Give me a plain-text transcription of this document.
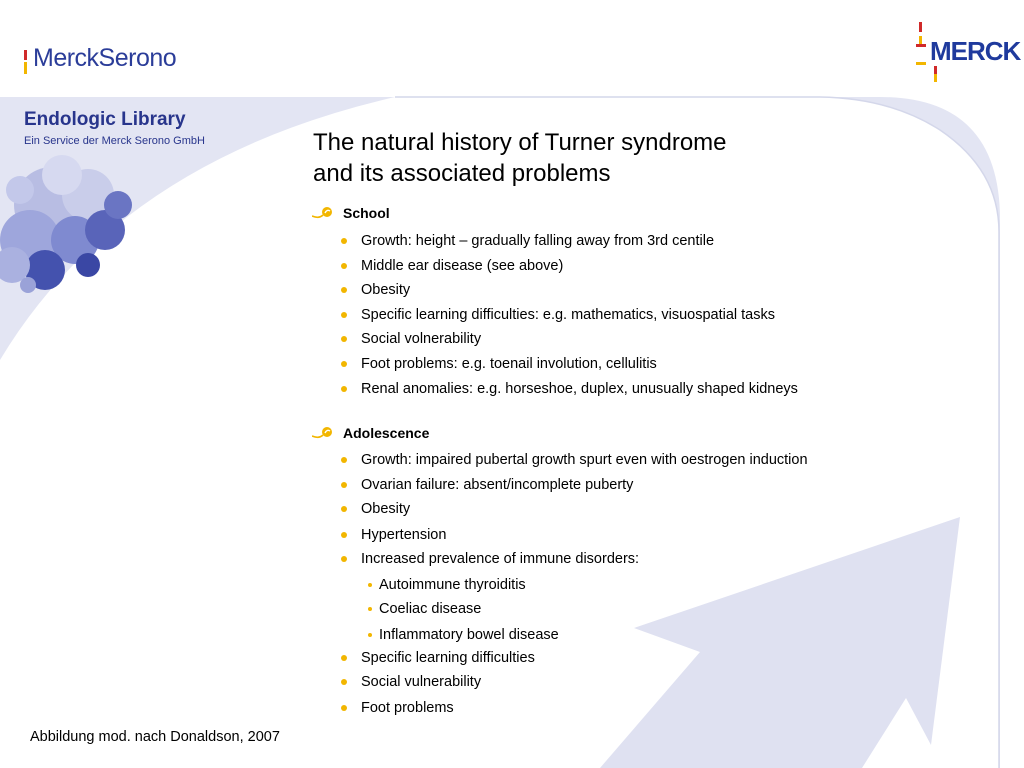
MerckSerono	MERCK
Endologic Library
Ein Service der Merck Serono GmbH	The natural history of Turner syndrome
and its associated problems
School
Growth: height – gradually falling away from 3rd centile
Middle ear disease (see above)
Obesity
Specific learning difficulties: e.g. mathematics, visuospatial tasks
Social volnerability
Foot problems: e.g. toenail involution, cellulitis
Renal anomalies: e.g. horseshoe, duplex, unusually shaped kidneys
Adolescence
Growth: impaired pubertal growth spurt even with oestrogen induction
Ovarian failure: absent/incomplete puberty
Obesity
Hypertension
Increased prevalence of immune disorders:
Autoimmune thyroiditis
Coeliac disease
Inflammatory bowel disease
Specific learning difficulties
Social vulnerability
Foot problems
Abbildung mod. nach Donaldson, 2007
